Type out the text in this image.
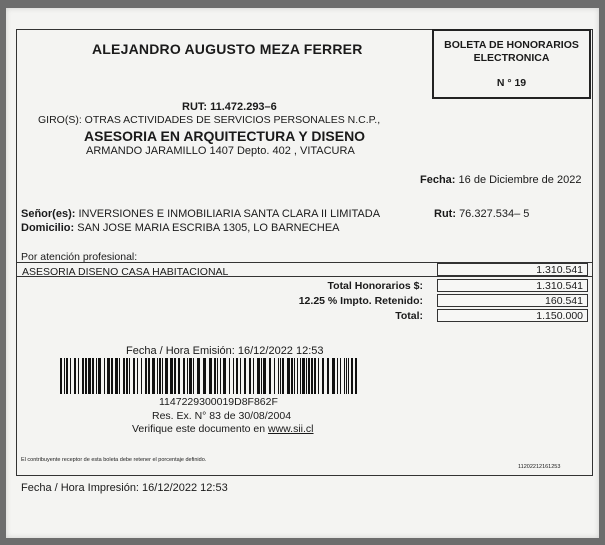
ALEJANDRO AUGUSTO MEZA FERRER	BOLETA DE HONORARIOS
ELECTRONICA
N ° 19
RUT: 11.472.293–6
GIRO(S): OTRAS ACTIVIDADES DE SERVICIOS PERSONALES N.C.P.,
ASESORIA EN ARQUITECTURA Y DISENO
ARMANDO JARAMILLO 1407 Depto. 402 , VITACURA
Fecha: 16 de Diciembre de 2022
Señor(es): INVERSIONES E INMOBILIARIA SANTA CLARA II LIMITADA	Rut: 76.327.534– 5
Domicilio: SAN JOSE MARIA ESCRIBA 1305, LO BARNECHEA
Por atención profesional:
ASESORIA DISENO CASA HABITACIONAL	1.310.541
Total Honorarios $:	1.310.541
12.25 % Impto. Retenido:	160.541
Total:	1.150.000
Fecha / Hora Emisión: 16/12/2022 12:53
1147229300019D8F862F
Res. Ex. N° 83 de 30/08/2004
Verifique este documento en www.sii.cl
El contribuyente receptor de esta boleta debe retener el porcentaje definido.
11202212161253
Fecha / Hora Impresión: 16/12/2022 12:53
